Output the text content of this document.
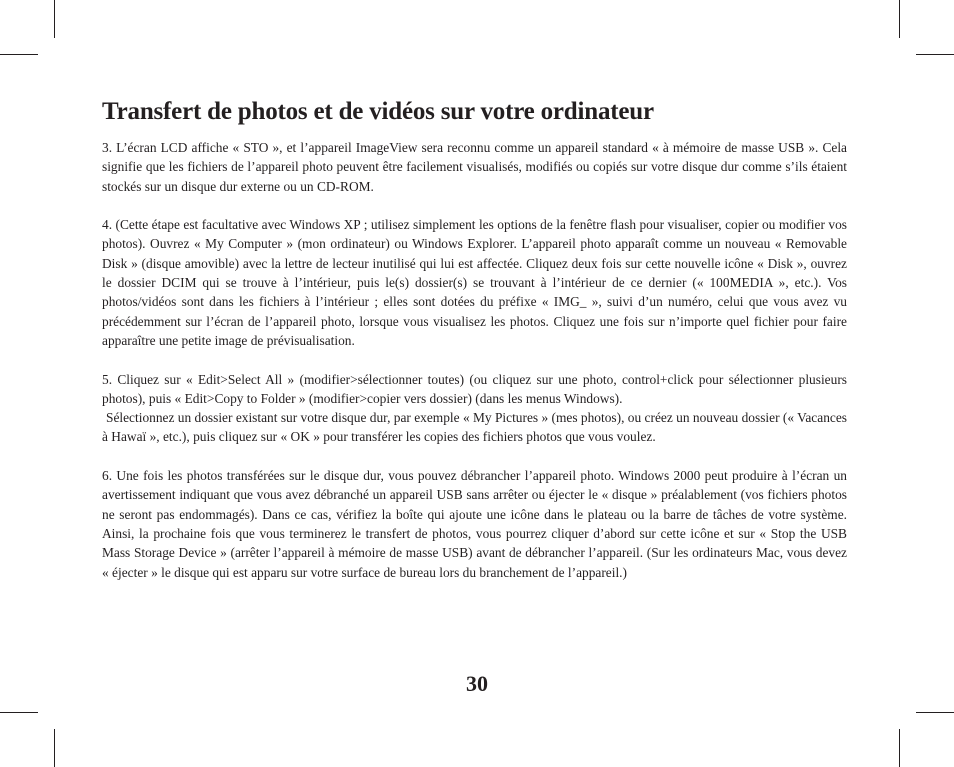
Transfert de photos et de vidéos sur votre ordinateur

3. L’écran LCD affiche « STO », et l’appareil ImageView sera reconnu comme un appareil standard « à mémoire de masse USB ». Cela signifie que les fichiers de l’appareil photo peuvent être facilement visualisés, modifiés ou copiés sur votre disque dur comme s’ils étaient stockés sur un disque dur externe ou un CD-ROM.

4. (Cette étape est facultative avec Windows XP ; utilisez simplement les options de la fenêtre flash pour visualiser, copier ou modifier vos photos). Ouvrez « My Computer » (mon ordinateur) ou Windows Explorer. L’appareil photo apparaît comme un nouveau « Removable Disk » (disque amovible) avec la lettre de lecteur inutilisé qui lui est affectée. Cliquez deux fois sur cette nouvelle icône « Disk », ouvrez le dossier DCIM qui se trouve à l’intérieur, puis le(s) dossier(s) se trouvant à l’intérieur de ce dernier (« 100MEDIA », etc.). Vos photos/vidéos sont dans les fichiers à l’intérieur ; elles sont dotées du préfixe « IMG_ », suivi d’un numéro, celui que vous avez vu précédemment sur l’écran de l’appareil photo, lorsque vous visualisez les photos. Cliquez une fois sur n’importe quel fichier pour faire apparaître une petite image de prévisualisation.

5. Cliquez sur « Edit>Select All » (modifier>sélectionner toutes) (ou cliquez sur une photo, control+click pour sélectionner plusieurs photos), puis « Edit>Copy to Folder » (modifier>copier vers dossier) (dans les menus Windows).

Sélectionnez un dossier existant sur votre disque dur, par exemple « My Pictures » (mes photos), ou créez un nouveau dossier (« Vacances à Hawaï », etc.), puis cliquez sur « OK » pour transférer les copies des fichiers photos que vous voulez.

6. Une fois les photos transférées sur le disque dur, vous pouvez débrancher l’appareil photo. Windows 2000 peut produire à l’écran un avertissement indiquant que vous avez débranché un appareil USB sans arrêter ou éjecter le « disque » préalablement (vos fichiers photos ne seront pas endommagés). Dans ce cas, vérifiez la boîte qui ajoute une icône dans le plateau ou la barre de tâches de votre système. Ainsi, la prochaine fois que vous terminerez le transfert de photos, vous pourrez cliquer d’abord sur cette icône et sur « Stop the USB Mass Storage Device » (arrêter l’appareil à mémoire de masse USB) avant de débrancher l’appareil. (Sur les ordinateurs Mac, vous devez « éjecter » le disque qui est apparu sur votre surface de bureau lors du branchement de l’appareil.)

30
